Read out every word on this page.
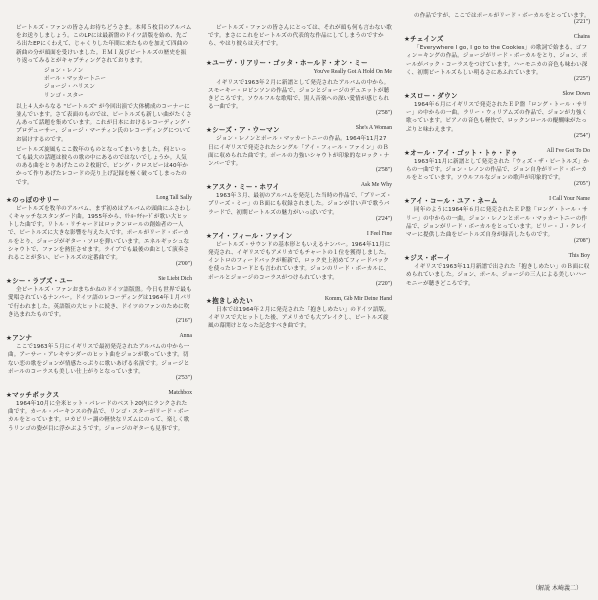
ビートルズ・ファンの皆さんお待ちどうさま。本邦５枚目のアルバムをお送りしましょう。このLPには最新盤のドイツ語版を始め、先ごろ出たEPにくわえて、じゃくりした年間に来たものを加えて四曲の新曲の分が頭面を受けいました。ＥＭＩ及びビートルズの歴史を振り返ってみるとがキャプティングされております。

ジョン・レノン
ポール・マッカートニー
ジョージ・ハリスン
リンゴ・スター

以上４人からなる "ビートルズ" が今回出演で大体構成のコーナーに並んでいます。さて表面のものでは、ビートルズも新しい曲がたくさんあって話題を集めています。これが日本におけるレコーディング・プロデューサー、ジョージ・マーティン氏のレコーディングについてお届けするのです。

ビートルズ旋風もここ数年のものとなってまいりました。何といっても最大の話題は彼らの歌の中にあるのではないでしょうか。人気のある曲をとりあげたこの２枚組で、ビング・クロスビーは40年かかって作りあげたレコードの売り上げ記録を極く破ってしまったのです。

★のっぽのサリー	Long Tall Sally
ビートルズを牧羊のアルバム、まず初めはアルバムの頭曲にふさわしくキャッチなスタンダード曲。1955年から、ﾘﾄﾙ･ﾘﾁｬｰﾄﾞが歌い大ヒットした曲です。リトル・リチャードはロックンロールの創始者の一人で、ビートルズに大きな影響を与えた人です。ポールがリード・ボーカルをとり、ジョージがギター・ソロを弾いています。エネルギッシュなシャウトで、ファンを熱狂させます。ライブでも最後の曲として演奏されることが多い、ビートルズの定番曲です。
(2'00")
★シー・ラブズ・ユー	Sie Liebt Dich
全ビートルズ・ファンおまちかねのドイツ語版盤。今日も世界で最も愛唱されているナンバー。ドイツ語のレコーディングは1964年１月パリで行われました。英語版の大ヒットに続き、ドイツのファンのために吹き込まれたものです。
(2'16")
★アンナ	Anna
ここで1963年５月にイギリスで最初発売されたアルバムの中から一曲。アーサー・アレキサンダーのヒット曲をジョンが歌っています。切ない恋の歌をジョンが情感たっぷりに歌いあげる名演です。ジョージとポールのコーラスも美しい仕上がりとなっています。
(2'53")
★マッチボックス	Matchbox
1964年10月に全米ヒット・パレードのベスト20内にランクされた曲です。カール・パーキンスの作品で、リンゴ・スターがリード・ボーカルをとっています。ロカビリー調の軽快なリズムにのって、楽しく歌うリンゴの姿が目に浮かぶようです。ジョージのギターも見事です。
ビートルズ・ファンの皆さんにとっては、それが頭も何も言わない歌です。まさにこれをビートルズの代表的な作品にしてしまうのですから、やはり彼らは天才です。
★ユーヴ・リアリー・ゴッタ・ホールド・オン・ミー
You've Really Got A Hold On Me
イギリスで1963年２月に新譜として発売されたアルバムの中から。スモーキー・ロビンソンの作品で、ジョンとジョージのデュエットが聴きどころです。ソウルフルな歌唱で、黒人音楽への深い愛情が感じられる一曲です。
(2'58")
★シーズ・ア・ウーマン	She's A Woman
ジョン・レノンとポール・マッカートニーの作品。1964年11月27日にイギリスで発売されたシングル「アイ・フィール・ファイン」のＢ面に収められた曲です。ポールの力強いシャウトが印象的なロック・ナンバーです。
(2'58")
★アスク・ミー・ホワイ	Ask Me Why
1963年３月、最初のアルバムを発売した当時の作品で、「プリーズ・プリーズ・ミー」のＢ面にも収録されました。ジョンが甘い声で歌うバラードで、初期ビートルズの魅力がいっぱいです。
(2'24")
★アイ・フィール・ファイン	I Feel Fine
ビートルズ・サウンドの基本形ともいえるナンバー。1964年11月に発売され、イギリスでもアメリカでもチャートの１位を獲得しました。イントロのフィードバックが斬新で、ロック史上初めてフィードバックを使ったレコードとも言われています。ジョンのリード・ボーカルに、ポールとジョージのコーラスがつけられています。
(2'20")
★抱きしめたい	Komm, Gib Mir Deine Hand
日本では1964年２月に発売された「抱きしめたい」のドイツ語版。イギリスで大ヒットした後、アメリカでも大ブレイクし、ビートルズ旋風の幕開けとなった記念すべき曲です。
の作品ですが、ここではポールがリード・ボーカルをとっています。
(2'21")
★チェインズ	Chains
「Everywhere I go, I go to the Cookies」の歌詞で始まる、ゴフィン＝キングの作品。ジョージがリード・ボーカルをとり、ジョン、ポールがバック・コーラスをつけています。ハーモニカの音色も味わい深く、初期ビートルズらしい明るさにあふれています。
(2'25")
★スロー・ダウン	Slow Down
1964年６月にイギリスで発売されたＥＰ盤「ロング・トール・サリー」の中からの一曲。ラリー・ウィリアムズの作品で、ジョンが力強く歌っています。ピアノの音色も軽快で、ロックンロールの醍醐味がたっぷりと味わえます。
(2'54")
★オール・アイ・ゴット・トゥ・ドゥ	All I've Got To Do
1963年11月に新譜として発売された「ウィズ・ザ・ビートルズ」からの一曲です。ジョン・レノンの作品で、ジョン自身がリード・ボーカルをとっています。ソウルフルなジョンの歌声が印象的です。
(2'05")
★アイ・コール・ユア・ネーム	I Call Your Name
同年のように1964年６月に発売されたＥＰ盤「ロング・トール・サリー」の中からの一曲。ジョン・レノンとポール・マッカートニーの作品で、ジョンがリード・ボーカルをとっています。ビリー・Ｊ・クレイマーに提供した曲をビートルズ自身が録音したものです。
(2'08")
★ジス・ボーイ	This Boy
イギリスで1963年11月新譜で出された「抱きしめたい」のＢ面に収められていました。ジョン、ポール、ジョージの三人による美しいハーモニーが聴きどころです。
（解説 木崎義二）
